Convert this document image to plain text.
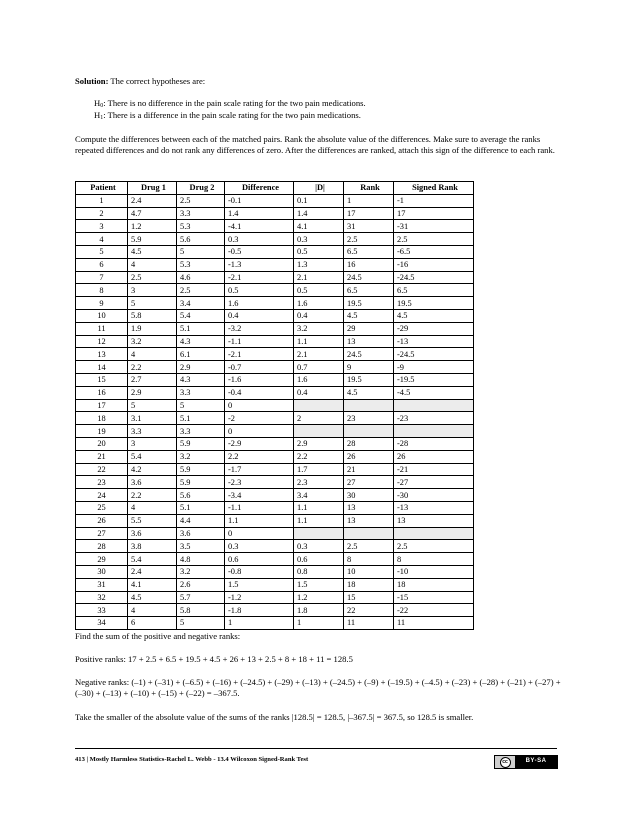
Solution: The correct hypotheses are:

$H_0$: There is no difference in the pain scale rating for the two pain medications.

$H_1$: There is a difference in the pain scale rating for the two pain medications.

Compute the differences between each of the matched pairs. Rank the absolute value of the differences. Make sure to average the ranks repeated differences and do not rank any differences of zero. After the differences are ranked, attach this sign of the difference to each rank.

Patient	Drug 1	Drug 2	Difference	|D|	Rank	Signed Rank
1	2.4	2.5	-0.1	0.1	1	-1
2	4.7	3.3	1.4	1.4	17	17
3	1.2	5.3	-4.1	4.1	31	-31
4	5.9	5.6	0.3	0.3	2.5	2.5
5	4.5	5	-0.5	0.5	6.5	-6.5
6	4	5.3	-1.3	1.3	16	-16
7	2.5	4.6	-2.1	2.1	24.5	-24.5
8	3	2.5	0.5	0.5	6.5	6.5
9	5	3.4	1.6	1.6	19.5	19.5
10	5.8	5.4	0.4	0.4	4.5	4.5
11	1.9	5.1	-3.2	3.2	29	-29
12	3.2	4.3	-1.1	1.1	13	-13
13	4	6.1	-2.1	2.1	24.5	-24.5
14	2.2	2.9	-0.7	0.7	9	-9
15	2.7	4.3	-1.6	1.6	19.5	-19.5
16	2.9	3.3	-0.4	0.4	4.5	-4.5
17	5	5	0			
18	3.1	5.1	-2	2	23	-23
19	3.3	3.3	0			
20	3	5.9	-2.9	2.9	28	-28
21	5.4	3.2	2.2	2.2	26	26
22	4.2	5.9	-1.7	1.7	21	-21
23	3.6	5.9	-2.3	2.3	27	-27
24	2.2	5.6	-3.4	3.4	30	-30
25	4	5.1	-1.1	1.1	13	-13
26	5.5	4.4	1.1	1.1	13	13
27	3.6	3.6	0			
28	3.8	3.5	0.3	0.3	2.5	2.5
29	5.4	4.8	0.6	0.6	8	8
30	2.4	3.2	-0.8	0.8	10	-10
31	4.1	2.6	1.5	1.5	18	18
32	4.5	5.7	-1.2	1.2	15	-15
33	4	5.8	-1.8	1.8	22	-22
34	6	5	1	1	11	11

Find the sum of the positive and negative ranks:

Positive ranks: 17 + 2.5 + 6.5 + 19.5 + 4.5 + 26 + 13 + 2.5 + 8 + 18 + 11 = 128.5

Negative ranks: (–1) + (–31) + (–6.5) + (–16) + (–24.5) + (–29) + (–13) + (–24.5) + (–9) + (–19.5) + (–4.5) + (–23) + (–28) + (–21) + (–27) + (–30) + (–13) + (–10) + (–15) + (–22) = –367.5.

Take the smaller of the absolute value of the sums of the ranks |128.5| = 128.5, |–367.5| = 367.5, so 128.5 is smaller.

413 | Mostly Harmless Statistics-Rachel L. Webb - 13.4 Wilcoxon Signed-Rank Test	cc	BY-SA
